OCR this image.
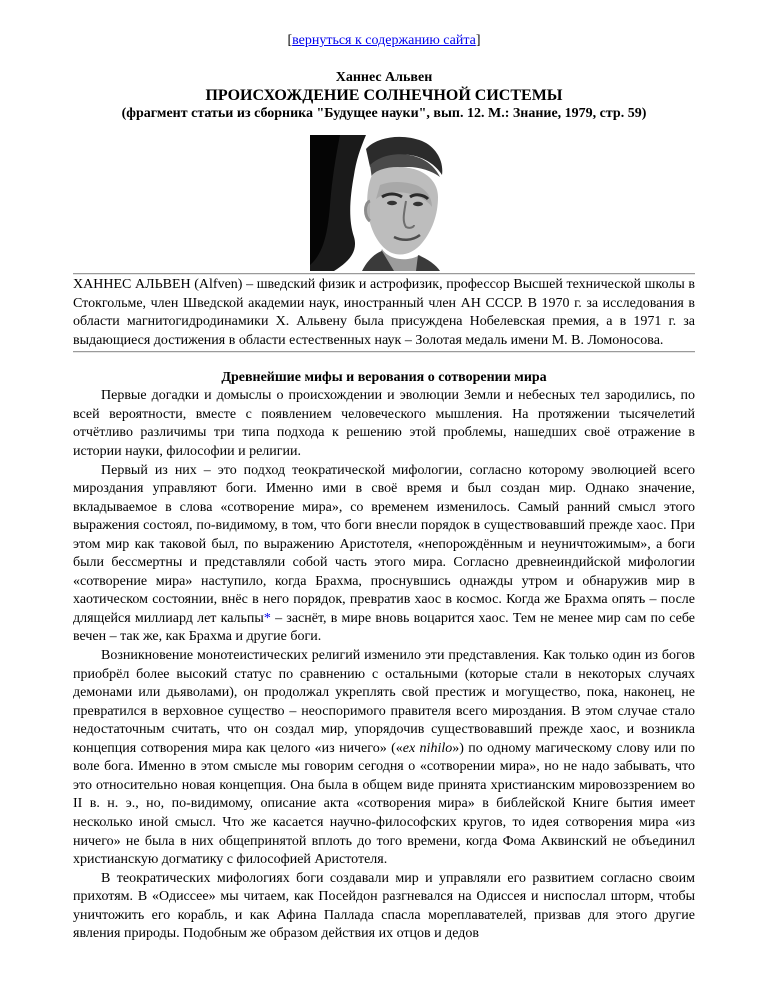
[вернуться к содержанию сайта]

Ханнес Альвен
ПРОИСХОЖДЕНИЕ СОЛНЕЧНОЙ СИСТЕМЫ
(фрагмент статьи из сборника "Будущее науки", вып. 12. М.: Знание, 1979, стр. 59)

ХАННЕС АЛЬВЕН (Alfven) – шведский физик и астрофизик, профессор Высшей технической школы в Стокгольме, член Шведской академии наук, иностранный член АН СССР. В 1970 г. за исследования в области магнитогидродинамики Х. Альвену была присуждена Нобелевская премия, а в 1971 г. за выдающиеся достижения в области естественных наук – Золотая медаль имени М. В. Ломоносова.

Древнейшие мифы и верования о сотворении мира

Первые догадки и домыслы о происхождении и эволюции Земли и небесных тел зародились, по всей вероятности, вместе с появлением человеческого мышления. На протяжении тысячелетий отчётливо различимы три типа подхода к решению этой проблемы, нашедших своё отражение в истории науки, философии и религии.

Первый из них – это подход теократической мифологии, согласно которому эволюцией всего мироздания управляют боги. Именно ими в своё время и был создан мир. Однако значение, вкладываемое в слова «сотворение мира», со временем изменилось. Самый ранний смысл этого выражения состоял, по-видимому, в том, что боги внесли порядок в существовавший прежде хаос. При этом мир как таковой был, по выражению Аристотеля, «непорождённым и неуничтожимым», а боги были бессмертны и представляли собой часть этого мира. Согласно древнеиндийской мифологии «сотворение мира» наступило, когда Брахма, проснувшись однажды утром и обнаружив мир в хаотическом состоянии, внёс в него порядок, превратив хаос в космос. Когда же Брахма опять – после длящейся миллиард лет кальпы* – заснёт, в мире вновь воцарится хаос. Тем не менее мир сам по себе вечен – так же, как Брахма и другие боги.

Возникновение монотеистических религий изменило эти представления. Как только один из богов приобрёл более высокий статус по сравнению с остальными (которые стали в некоторых случаях демонами или дьяволами), он продолжал укреплять свой престиж и могущество, пока, наконец, не превратился в верховное существо – неоспоримого правителя всего мироздания. В этом случае стало недостаточным считать, что он создал мир, упорядочив существовавший прежде хаос, и возникла концепция сотворения мира как целого «из ничего» («ex nihilo») по одному магическому слову или по воле бога. Именно в этом смысле мы говорим сегодня о «сотворении мира», но не надо забывать, что это относительно новая концепция. Она была в общем виде принята христианским мировоззрением во II в. н. э., но, по-видимому, описание акта «сотворения мира» в библейской Книге бытия имеет несколько иной смысл. Что же касается научно-философских кругов, то идея сотворения мира «из ничего» не была в них общепринятой вплоть до того времени, когда Фома Аквинский не объединил христианскую догматику с философией Аристотеля.

В теократических мифологиях боги создавали мир и управляли его развитием согласно своим прихотям. В «Одиссее» мы читаем, как Посейдон разгневался на Одиссея и ниспослал шторм, чтобы уничтожить его корабль, и как Афина Паллада спасла мореплавателей, призвав для этого другие явления природы. Подобным же образом действия их отцов и дедов
